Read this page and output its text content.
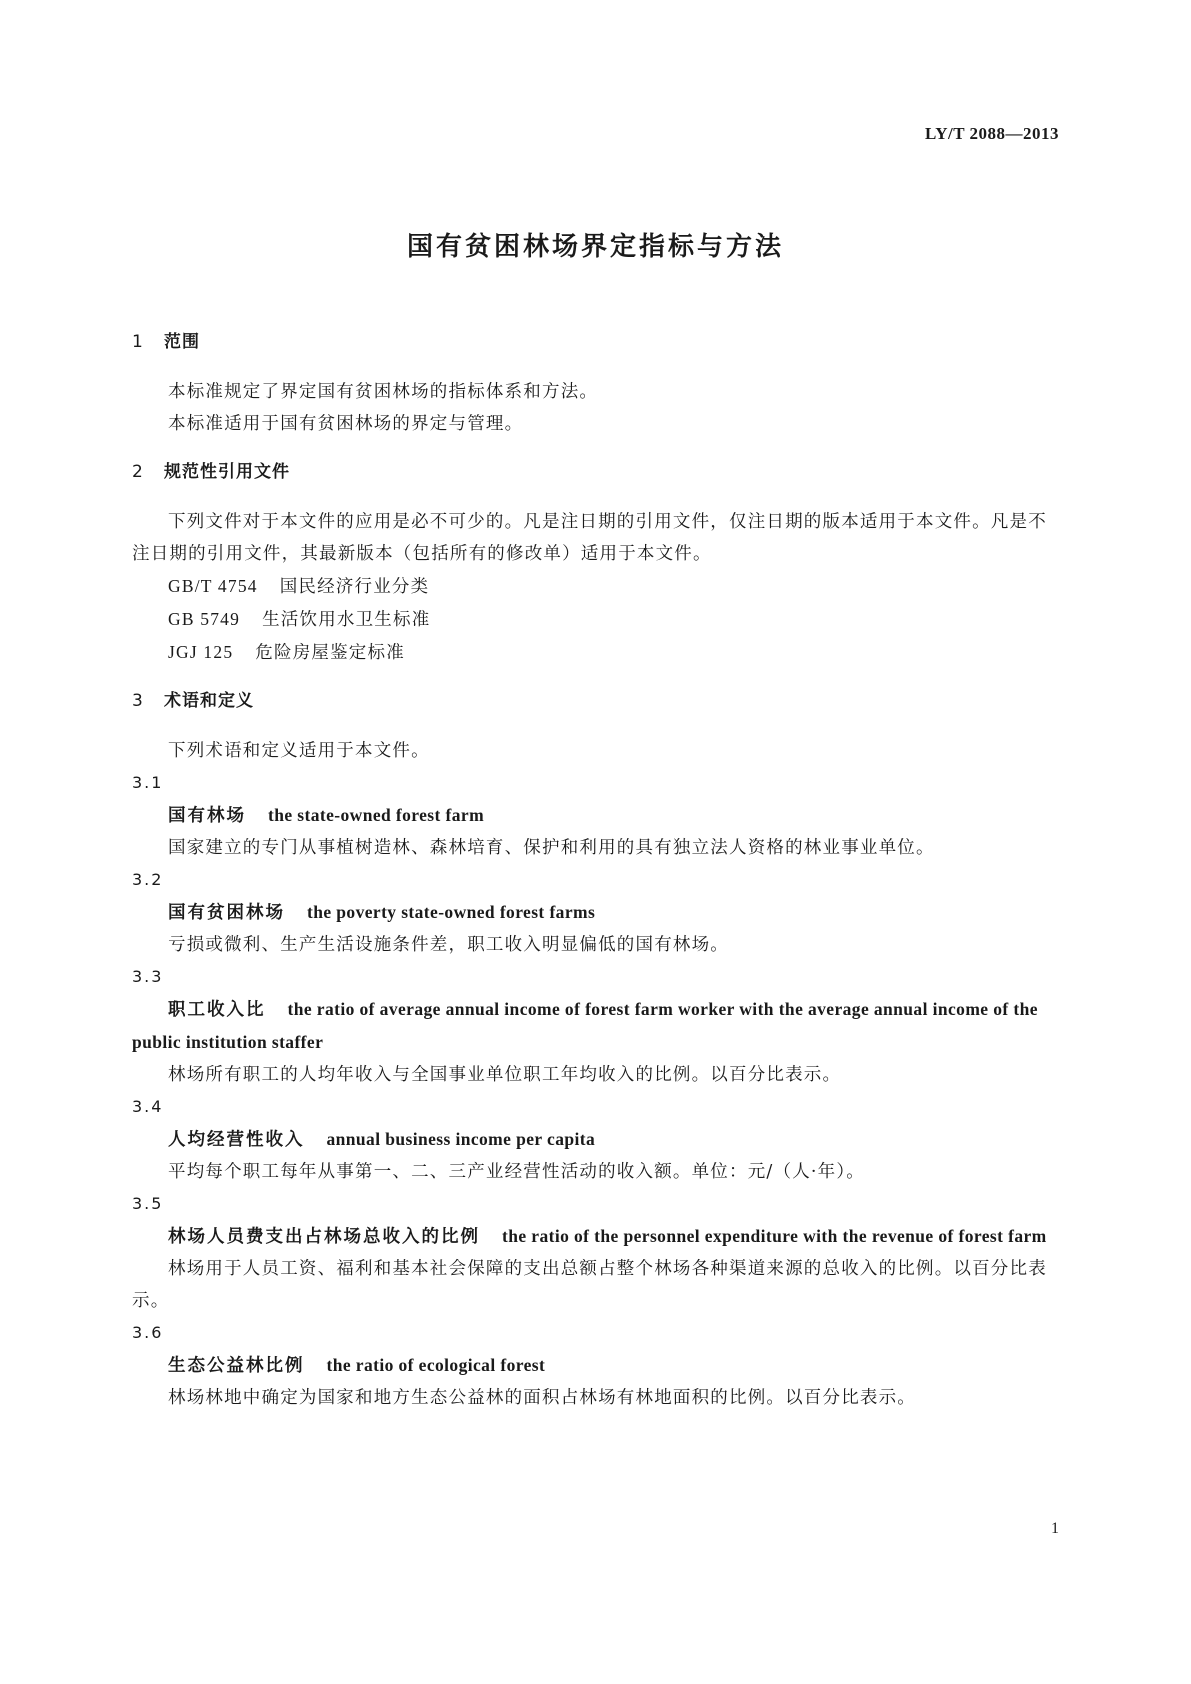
LY/T 2088—2013
国有贫困林场界定指标与方法
1 范围

本标准规定了界定国有贫困林场的指标体系和方法。

本标准适用于国有贫困林场的界定与管理。

2 规范性引用文件

下列文件对于本文件的应用是必不可少的。凡是注日期的引用文件，仅注日期的版本适用于本文件。凡是不注日期的引用文件，其最新版本（包括所有的修改单）适用于本文件。

GB/T 4754 国民经济行业分类

GB 5749 生活饮用水卫生标准

JGJ 125 危险房屋鉴定标准

3 术语和定义

下列术语和定义适用于本文件。

3.1

国有林场 the state-owned forest farm

国家建立的专门从事植树造林、森林培育、保护和利用的具有独立法人资格的林业事业单位。

3.2

国有贫困林场 the poverty state-owned forest farms

亏损或微利、生产生活设施条件差，职工收入明显偏低的国有林场。

3.3

职工收入比 the ratio of average annual income of forest farm worker with the average annual income of the public institution staffer

林场所有职工的人均年收入与全国事业单位职工年均收入的比例。以百分比表示。

3.4

人均经营性收入 annual business income per capita

平均每个职工每年从事第一、二、三产业经营性活动的收入额。单位：元/（人·年）。

3.5

林场人员费支出占林场总收入的比例 the ratio of the personnel expenditure with the revenue of forest farm

林场用于人员工资、福利和基本社会保障的支出总额占整个林场各种渠道来源的总收入的比例。以百分比表示。

3.6

生态公益林比例 the ratio of ecological forest

林场林地中确定为国家和地方生态公益林的面积占林场有林地面积的比例。以百分比表示。

1
